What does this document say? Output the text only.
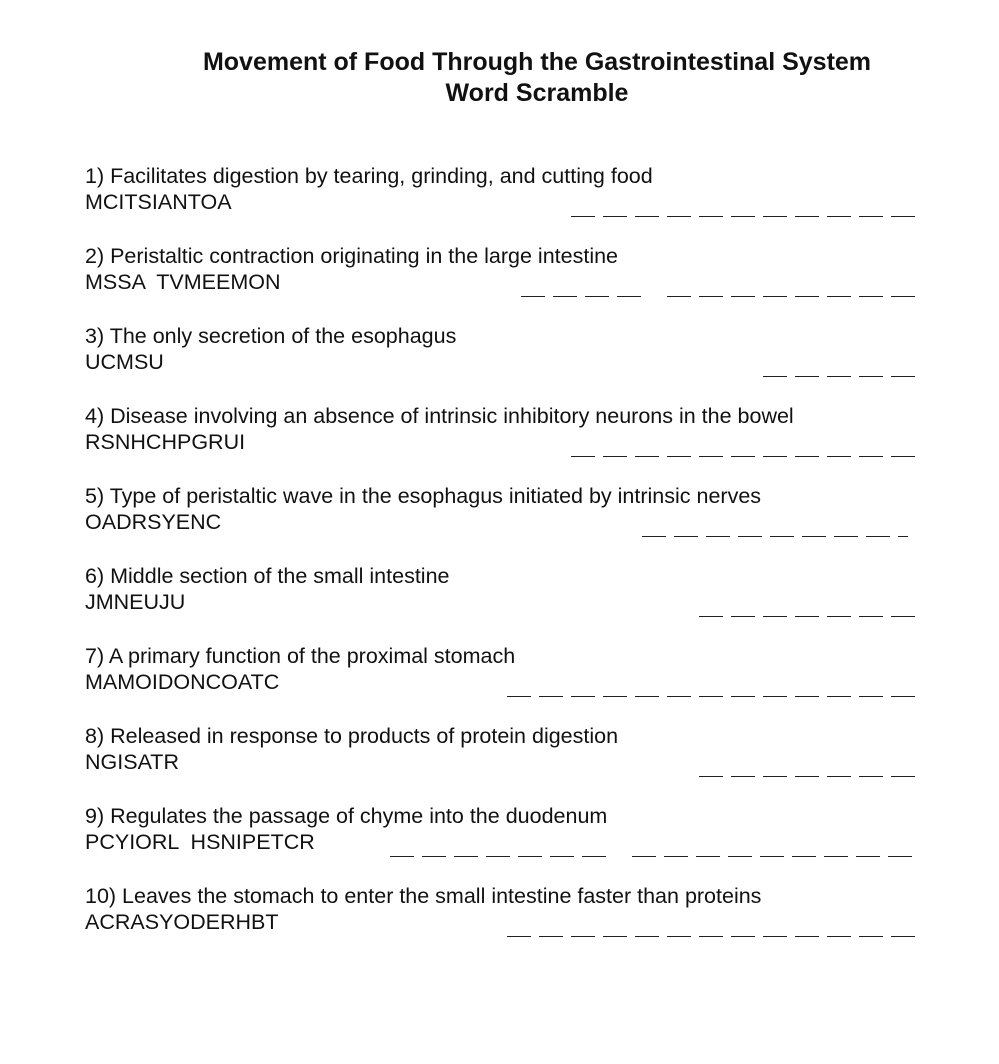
Movement of Food Through the Gastrointestinal System
Word Scramble
1) Facilitates digestion by tearing, grinding, and cutting food
MCITSIANTOA
2) Peristaltic contraction originating in the large intestine
MSSA  TVMEEMON
3) The only secretion of the esophagus
UCMSU
4) Disease involving an absence of intrinsic inhibitory neurons in the bowel
RSNHCHPGRUI
5) Type of peristaltic wave in the esophagus initiated by intrinsic nerves
OADRSYENC
6) Middle section of the small intestine
JMNEUJU
7) A primary function of the proximal stomach
MAMOIDONCOATC
8) Released in response to products of protein digestion
NGISATR
9) Regulates the passage of chyme into the duodenum
PCYIORL  HSNIPETCR
10) Leaves the stomach to enter the small intestine faster than proteins
ACRASYODERHBT
